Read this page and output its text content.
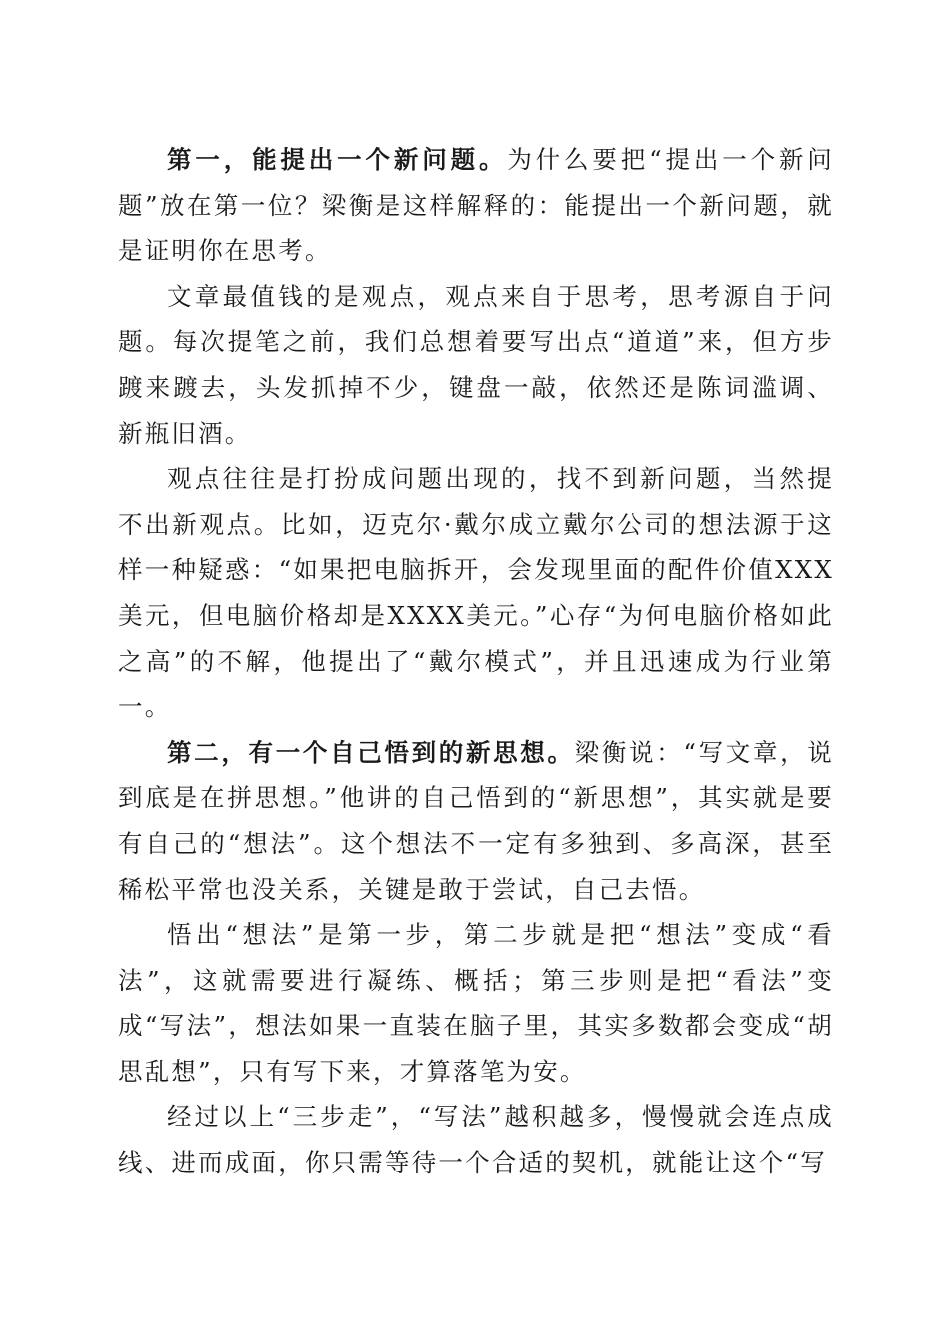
第一，能提出一个新问题。为什么要把“提出一个新问题”放在第一位？梁衡是这样解释的：能提出一个新问题，就是证明你在思考。

文章最值钱的是观点，观点来自于思考，思考源自于问题。每次提笔之前，我们总想着要写出点“道道”来，但方步踱来踱去，头发抓掉不少，键盘一敲，依然还是陈词滥调、新瓶旧酒。

观点往往是打扮成问题出现的，找不到新问题，当然提不出新观点。比如，迈克尔·戴尔成立戴尔公司的想法源于这样一种疑惑：“如果把电脑拆开，会发现里面的配件价值XXX美元，但电脑价格却是XXXX美元。”心存“为何电脑价格如此之高”的不解，他提出了“戴尔模式”，并且迅速成为行业第一。

第二，有一个自己悟到的新思想。梁衡说：“写文章，说到底是在拼思想。”他讲的自己悟到的“新思想”，其实就是要有自己的“想法”。这个想法不一定有多独到、多高深，甚至稀松平常也没关系，关键是敢于尝试，自己去悟。

悟出“想法”是第一步，第二步就是把“想法”变成“看法”，这就需要进行凝练、概括；第三步则是把“看法”变成“写法”，想法如果一直装在脑子里，其实多数都会变成“胡思乱想”，只有写下来，才算落笔为安。

经过以上“三步走”，“写法”越积越多，慢慢就会连点成线、进而成面，你只需等待一个合适的契机，就能让这个“写
